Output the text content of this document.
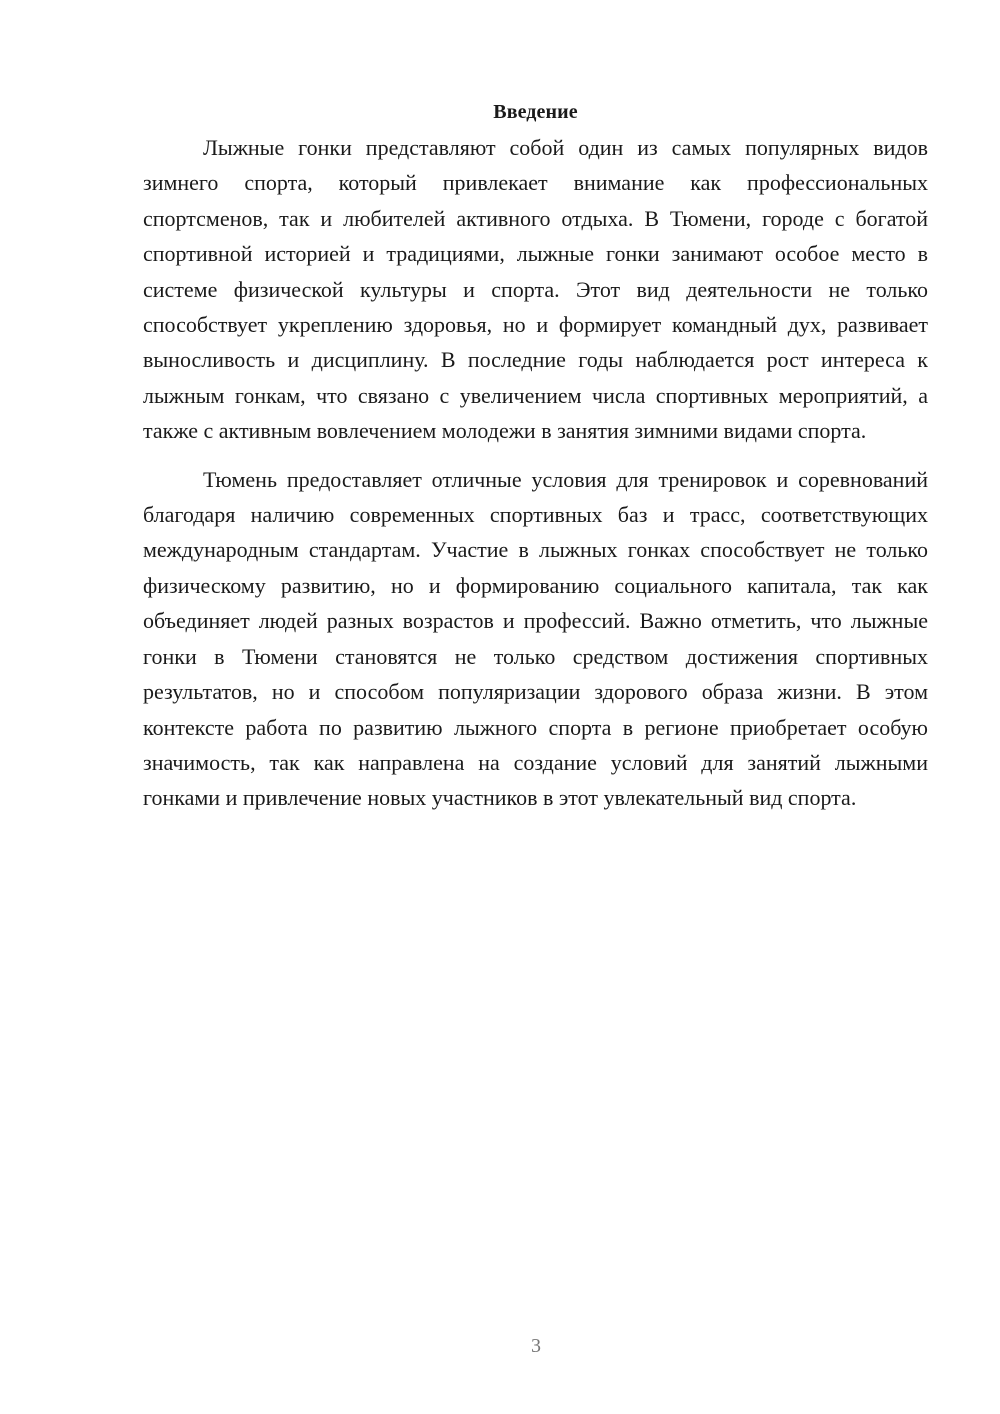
Введение

Лыжные гонки представляют собой один из самых популярных видов зимнего спорта, который привлекает внимание как профессиональных спортсменов, так и любителей активного отдыха. В Тюмени, городе с богатой спортивной историей и традициями, лыжные гонки занимают особое место в системе физической культуры и спорта. Этот вид деятельности не только способствует укреплению здоровья, но и формирует командный дух, развивает выносливость и дисциплину. В последние годы наблюдается рост интереса к лыжным гонкам, что связано с увеличением числа спортивных мероприятий, а также с активным вовлечением молодежи в занятия зимними видами спорта.

Тюмень предоставляет отличные условия для тренировок и соревнований благодаря наличию современных спортивных баз и трасс, соответствующих международным стандартам. Участие в лыжных гонках способствует не только физическому развитию, но и формированию социального капитала, так как объединяет людей разных возрастов и профессий. Важно отметить, что лыжные гонки в Тюмени становятся не только средством достижения спортивных результатов, но и способом популяризации здорового образа жизни. В этом контексте работа по развитию лыжного спорта в регионе приобретает особую значимость, так как направлена на создание условий для занятий лыжными гонками и привлечение новых участников в этот увлекательный вид спорта.

3
